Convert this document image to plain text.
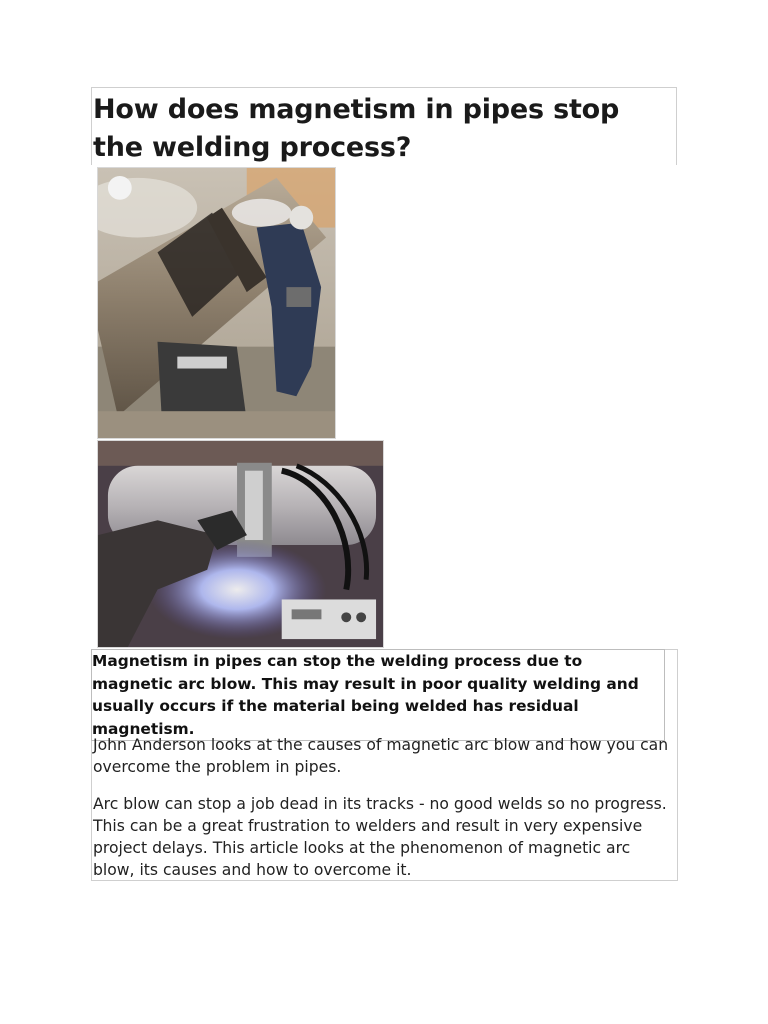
How does magnetism in pipes stop the welding process?

Magnetism in pipes can stop the welding process due to magnetic arc blow. This may result in poor quality welding and usually occurs if the material being welded has residual magnetism.

John Anderson looks at the causes of magnetic arc blow and how you can overcome the problem in pipes.

Arc blow can stop a job dead in its tracks - no good welds so no progress. This can be a great frustration to welders and result in very expensive project delays. This article looks at the phenomenon of magnetic arc blow, its causes and how to overcome it.
